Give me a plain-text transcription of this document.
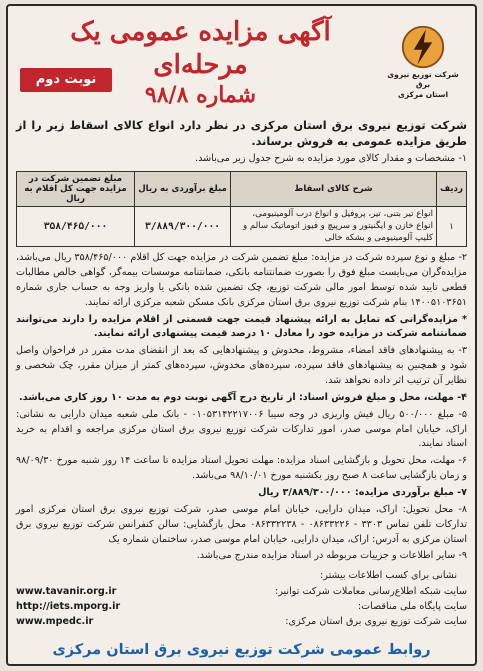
شرکت توزیع نیروی برق
استان مرکزی
آگهی مزایده عمومی یک مرحله‌ای
شماره ۹۸/۸
نوبت دوم
شرکت توزیع نیروی برق استان مرکزی در نظر دارد انواع کالای اسقاط زیر را از طریق مزایده عمومی به فروش برساند.
۱- مشخصات و مقدار کالای مورد مزایده به شرح جدول زیر می‌باشد.
ردیف	شرح کالای اسقاط	مبلغ برآوردی به ریال	مبلغ تضمین شرکت در مزایده جهت کل اقلام به ریال
۱	انواع تیر بتنی، تیر، پروفیل و انواع درب آلومینیومی، انواع خازن و ایگنیتور و سرپیچ و فیوز اتوماتیک سالم و کلیپ آلومینیومی و بشکه خالی	۳/۸۸۹/۳۰۰/۰۰۰	۳۵۸/۴۶۵/۰۰۰
۲- مبلغ و نوع سپرده شرکت در مزایده: مبلغ تضمین شرکت در مزایده جهت کل اقلام ۳۵۸/۴۶۵/۰۰۰ ریال می‌باشد، مزایده‌گران می‌بایست مبلغ فوق را بصورت ضمانتنامه بانکی، ضمانتنامه موسسات بیمه‌گر، گواهی خالص مطالبات قطعی تایید شده توسط امور مالی شرکت توزیع، چک تضمین شده بانکی یا واریز وجه به حساب جاری شماره ۱۴۰۰۵۱۰۳۶۵۱ بنام شرکت توزیع نیروی برق استان مرکزی بانک مسکن شعبه مرکزی ارائه نمایند.
* مزایده‌گرانی که تمایل به ارائه پیشنهاد قیمت جهت قسمتی از اقلام مزایده را دارند می‌توانند ضمانتنامه شرکت در مزایده خود را معادل ۱۰ درصد قیمت پیشنهادی ارائه نمایند.
۳- به پیشنهادهای فاقد امضاء، مشروط، مخدوش و پیشنهادهایی که بعد از انقضای مدت مقرر در فراخوان واصل شود و همچنین به پیشنهادهای فاقد سپرده، سپرده‌های مخدوش، سپرده‌های کمتر از میزان مقرر، چک شخصی و نظایر آن ترتیب اثر داده نخواهد شد.
۴- مهلت، محل و مبلغ فروش اسناد: از تاریخ درج آگهی نوبت دوم به مدت ۱۰ روز کاری می‌باشد.
۵- مبلغ ۵۰۰/۰۰۰ ریال فیش واریزی در وجه سیبا ۰۱۰۵۳۱۴۲۲۱۷۰۰۶ - بانک ملی شعبه میدان دارایی به نشانی: اراک، خیابان امام موسی صدر، امور تدارکات شرکت توزیع نیروی برق استان مرکزی مراجعه و اقدام به خرید اسناد نمایند.
۶- مهلت، محل تحویل و بازگشایی اسناد مزایده: مهلت تحویل اسناد مزایده تا ساعت ۱۴ روز شنبه مورخ ۹۸/۰۹/۳۰ و زمان بازگشایی ساعت ۸ صبح روز یکشنبه مورخ ۹۸/۱۰/۰۱ می‌باشد.
۷- مبلغ برآوردی مزایده: ۳/۸۸۹/۳۰۰/۰۰۰ ریال
۸- محل تحویل: اراک، میدان دارایی، خیابان امام موسی صدر، شرکت توزیع نیروی برق استان مرکزی امور تدارکات تلفن تماس ۳۳۰۳ - ۰۸۶۳۳۲۲۶ - ۰۸۶۳۳۲۲۳۸ محل بازگشایی: سالن کنفرانس شرکت توزیع نیروی برق استان مرکزی به آدرس: اراک، میدان دارایی، خیابان امام موسی صدر، ساختمان شماره یک
۹- سایر اطلاعات و جزییات مربوطه در اسناد مزایده مندرج می‌باشد.
نشانی برای کسب اطلاعات بیشتر:
سایت شبکه اطلاع‌رسانی معاملات شرکت توانیر:
www.tavanir.org.ir
سایت پایگاه ملی مناقصات:
http://iets.mporg.ir
سایت شرکت توزیع نیروی برق استان مرکزی:
www.mpedc.ir
روابط عمومی شرکت توزیع نیروی برق استان مرکزی
